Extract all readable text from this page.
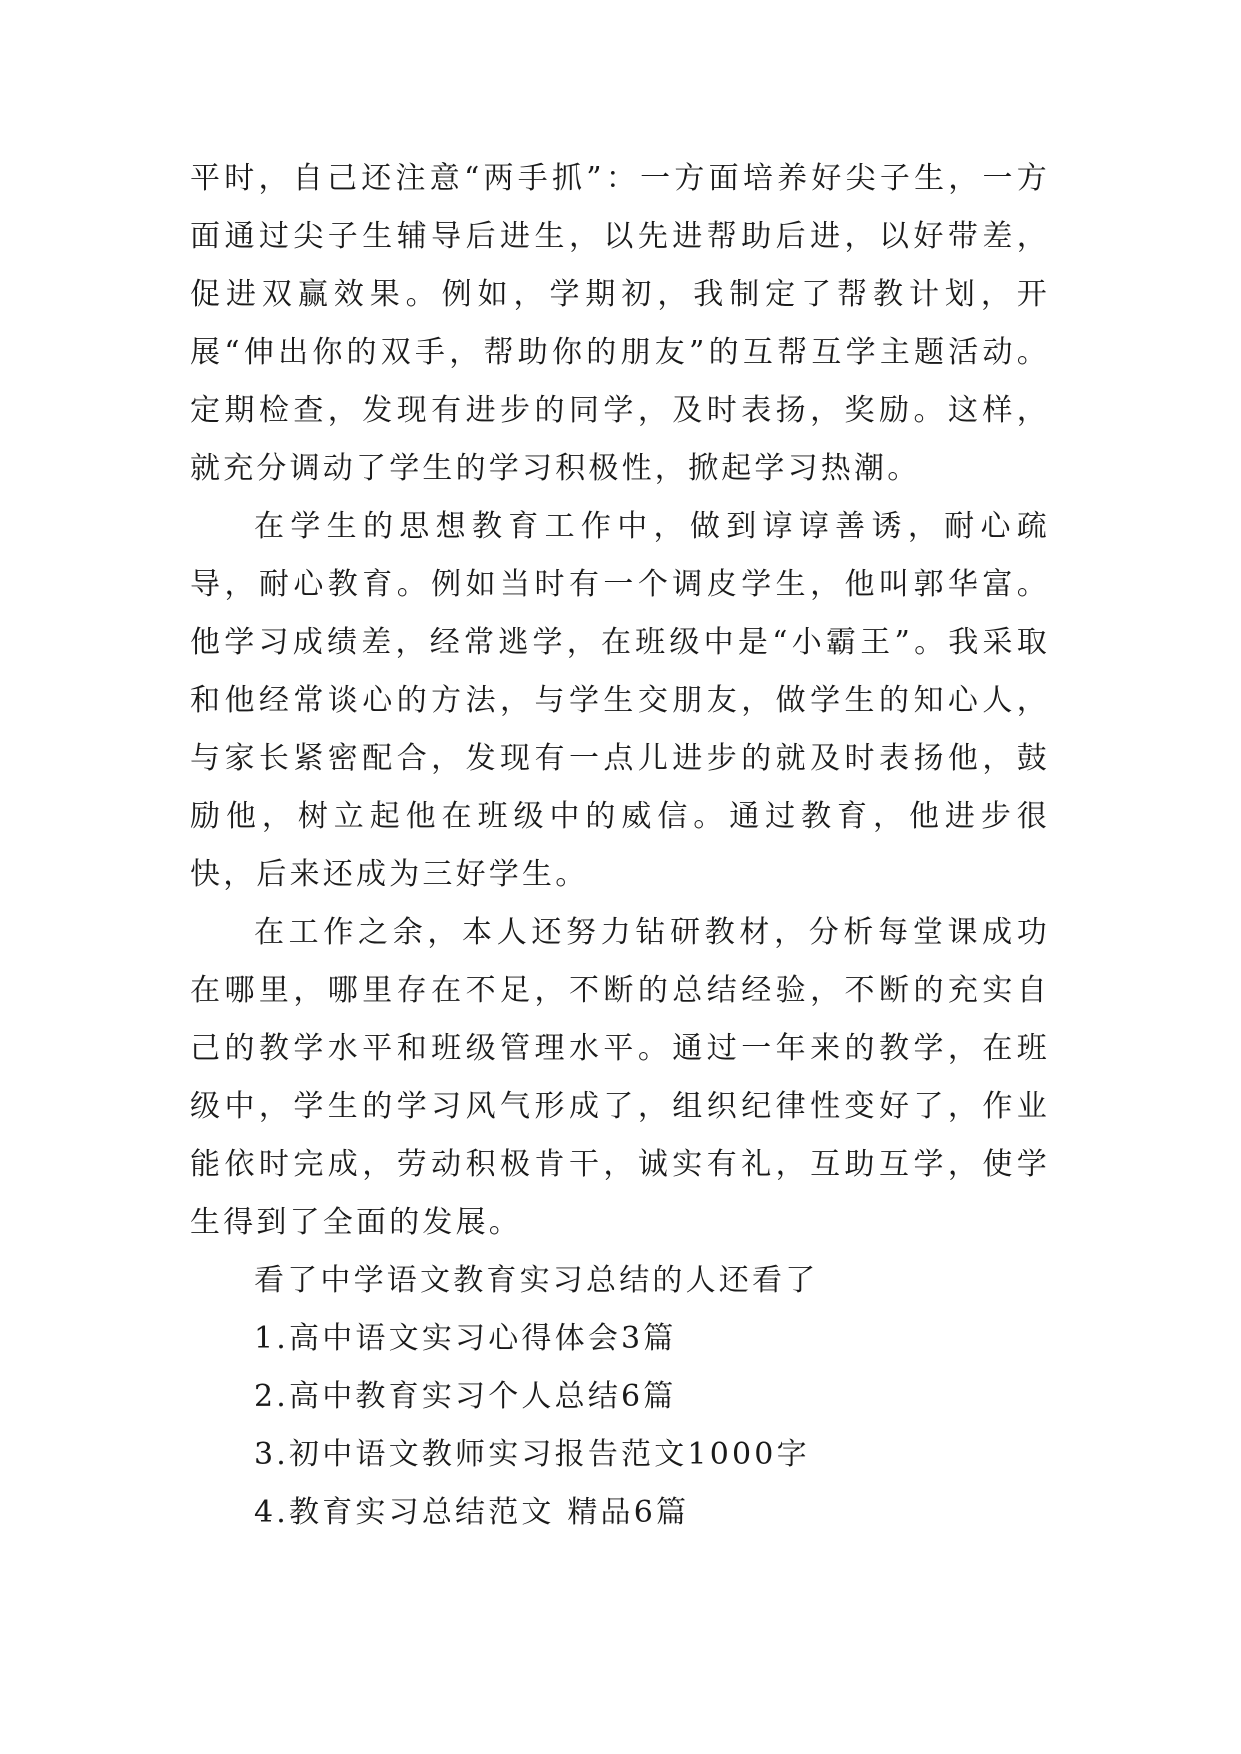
平时，自己还注意“两手抓”：一方面培养好尖子生，一方面通过尖子生辅导后进生，以先进帮助后进，以好带差，促进双赢效果。例如，学期初，我制定了帮教计划，开展“伸出你的双手，帮助你的朋友”的互帮互学主题活动。定期检查，发现有进步的同学，及时表扬，奖励。这样，就充分调动了学生的学习积极性，掀起学习热潮。

在学生的思想教育工作中，做到谆谆善诱，耐心疏导，耐心教育。例如当时有一个调皮学生，他叫郭华富。他学习成绩差，经常逃学，在班级中是“小霸王”。我采取和他经常谈心的方法，与学生交朋友，做学生的知心人，与家长紧密配合，发现有一点儿进步的就及时表扬他，鼓励他，树立起他在班级中的威信。通过教育，他进步很快，后来还成为三好学生。

在工作之余，本人还努力钻研教材，分析每堂课成功在哪里，哪里存在不足，不断的总结经验，不断的充实自己的教学水平和班级管理水平。通过一年来的教学，在班级中，学生的学习风气形成了，组织纪律性变好了，作业能依时完成，劳动积极肯干，诚实有礼，互助互学，使学生得到了全面的发展。

看了中学语文教育实习总结的人还看了

1.高中语文实习心得体会3篇
2.高中教育实习个人总结6篇
3.初中语文教师实习报告范文1000字
4.教育实习总结范文 精品6篇
